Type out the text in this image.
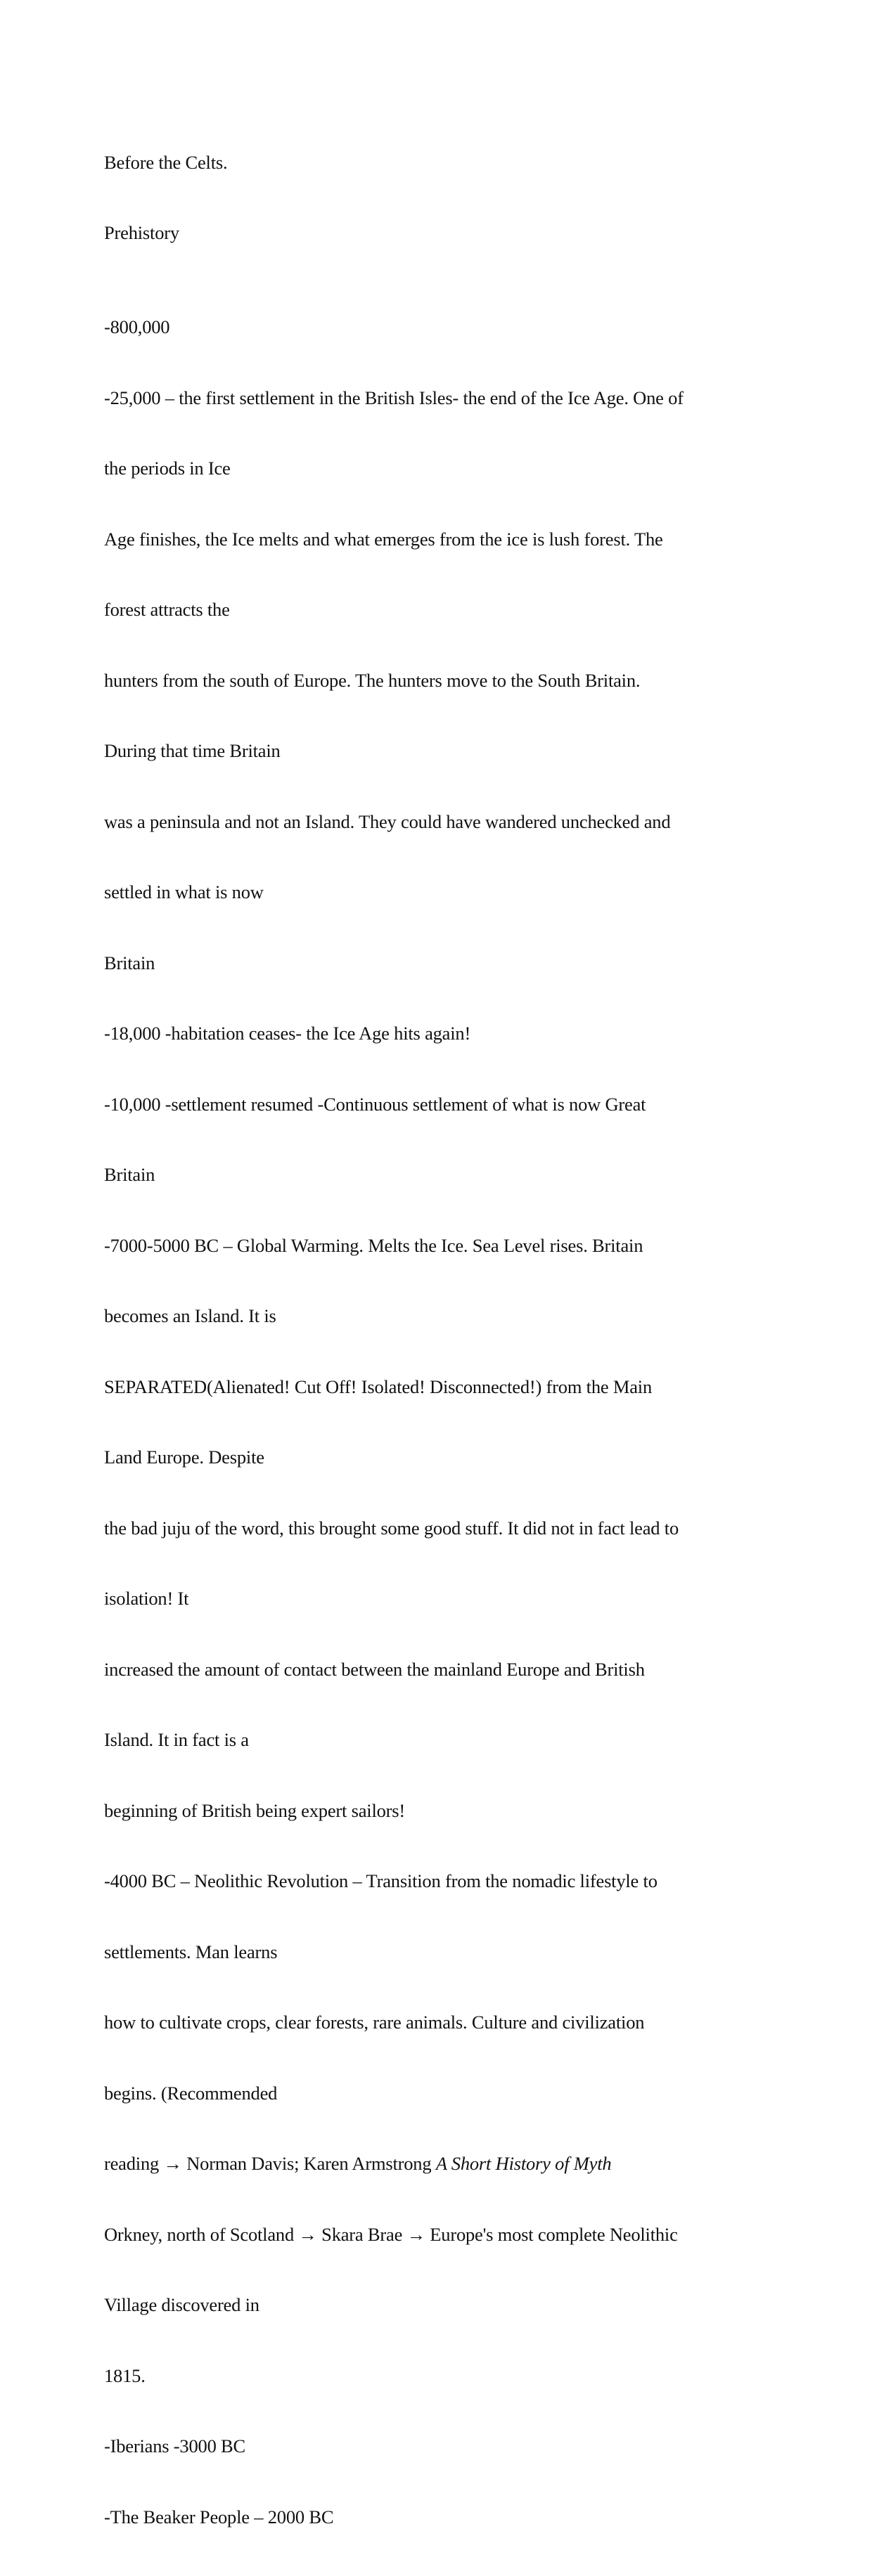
Before the Celts.
Prehistory

-800,000

-25,000 – the first settlement in the British Isles- the end of the Ice Age. One of

the periods in Ice

Age finishes, the Ice melts and what emerges from the ice is lush forest. The

forest attracts the

hunters from the south of Europe. The hunters move to the South Britain.

During that time Britain

was a peninsula and not an Island. They could have wandered unchecked and

settled in what is now

Britain

-18,000 -habitation ceases- the Ice Age hits again!

-10,000 -settlement resumed -Continuous settlement of what is now Great

Britain

-7000-5000 BC – Global Warming. Melts the Ice. Sea Level rises. Britain

becomes an Island. It is

SEPARATED(Alienated! Cut Off! Isolated! Disconnected!) from the Main

Land Europe. Despite

the bad juju of the word, this brought some good stuff. It did not in fact lead to

isolation! It

increased the amount of contact between the mainland Europe and British

Island. It in fact is a

beginning of British being expert sailors!

-4000 BC – Neolithic Revolution – Transition from the nomadic lifestyle to

settlements. Man learns

how to cultivate crops, clear forests, rare animals. Culture and civilization

begins. (Recommended

reading → Norman Davis; Karen Armstrong A Short History of Myth

Orkney, north of Scotland → Skara Brae → Europe's most complete Neolithic

Village discovered in

1815.

-Iberians -3000 BC

-The Beaker People – 2000 BC
